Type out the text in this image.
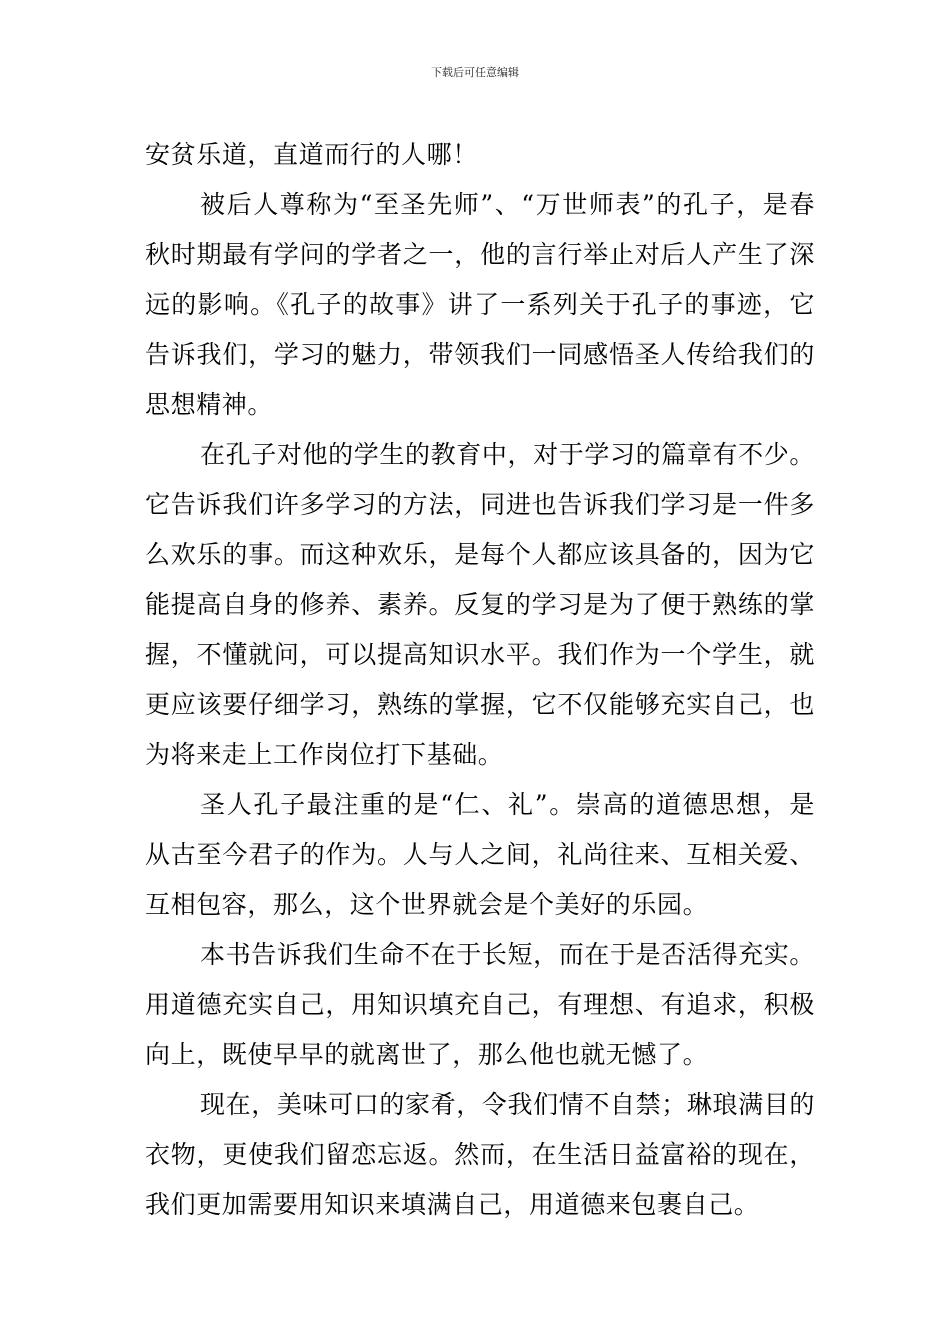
下载后可任意编辑

安贫乐道，直道而行的人哪！

被后人尊称为“至圣先师”、“万世师表”的孔子，是春秋时期最有学问的学者之一，他的言行举止对后人产生了深远的影响。《孔子的故事》讲了一系列关于孔子的事迹，它告诉我们，学习的魅力，带领我们一同感悟圣人传给我们的思想精神。

在孔子对他的学生的教育中，对于学习的篇章有不少。它告诉我们许多学习的方法，同进也告诉我们学习是一件多么欢乐的事。而这种欢乐，是每个人都应该具备的，因为它能提高自身的修养、素养。反复的学习是为了便于熟练的掌握，不懂就问，可以提高知识水平。我们作为一个学生，就更应该要仔细学习，熟练的掌握，它不仅能够充实自己，也为将来走上工作岗位打下基础。

圣人孔子最注重的是“仁、礼”。崇高的道德思想，是从古至今君子的作为。人与人之间，礼尚往来、互相关爱、互相包容，那么，这个世界就会是个美好的乐园。

本书告诉我们生命不在于长短，而在于是否活得充实。用道德充实自己，用知识填充自己，有理想、有追求，积极向上，既使早早的就离世了，那么他也就无憾了。

现在，美味可口的家肴，令我们情不自禁；琳琅满目的衣物，更使我们留恋忘返。然而，在生活日益富裕的现在，我们更加需要用知识来填满自己，用道德来包裹自己。
